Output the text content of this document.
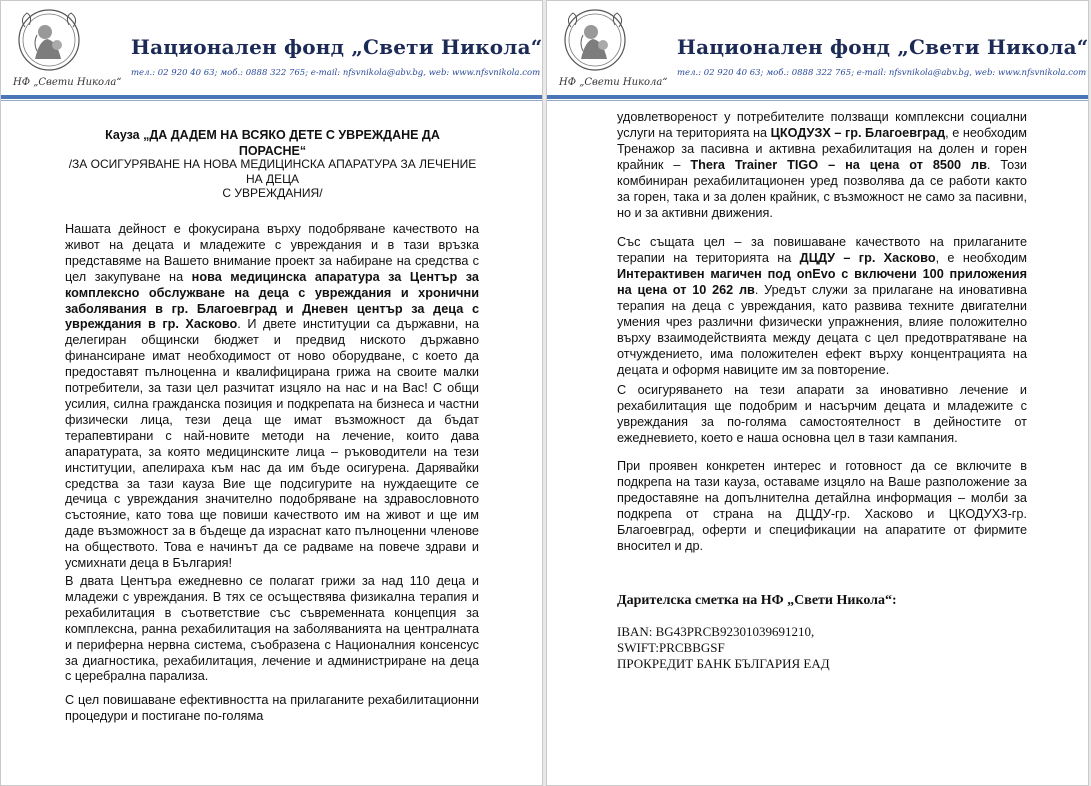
НФ „Свети Никола“
Национален фонд „Свети Никола“
тел.: 02 920 40 63; моб.: 0888 322 765; e-mail: nfsvnikola@abv.bg, web: www.nfsvnikola.com
Кауза „ДА ДАДЕМ НА ВСЯКО ДЕТЕ С УВРЕЖДАНЕ ДА
ПОРАСНЕ“
/ЗА ОСИГУРЯВАНЕ НА НОВА МЕДИЦИНСКА АПАРАТУРА ЗА ЛЕЧЕНИЕ НА ДЕЦА
С УВРЕЖДАНИЯ/

Нашата дейност е фокусирана върху подобряване качеството на живот на децата и младежите с увреждания и в тази връзка представяме на Вашето внимание проект за набиране на средства с цел закупуване на нова медицинска апаратура за Център за комплексно обслужване на деца с увреждания и хронични заболявания в гр. Благоевград и Дневен център за деца с увреждания в гр. Хасково. И двете институции са държавни, на делегиран общински бюджет и предвид ниското държавно финансиране имат необходимост от ново оборудване, с което да предоставят пълноценна и квалифицирана грижа на своите малки потребители, за тази цел разчитат изцяло на нас и на Вас! С общи усилия, силна гражданска позиция и подкрепата на бизнеса и частни физически лица, тези деца ще имат възможност да бъдат терапевтирани с най-новите методи на лечение, които дава апаратурата, за която медицинските лица – ръководители на тези институции, апелираха към нас да им бъде осигурена. Дарявайки средства за тази кауза Вие ще подсигурите на нуждаещите се дечица с увреждания значително подобряване на здравословното състояние, като това ще повиши качеството им на живот и ще им даде възможност за в бъдеще да израснат като пълноценни членове на обществото. Това е начинът да се радваме на повече здрави и усмихнати деца в България!

В двата Центъра ежедневно се полагат грижи за над 110 деца и младежи с увреждания. В тях се осъществява физикална терапия и рехабилитация в съответствие със съвременната концепция за комплексна, ранна рехабилитация на заболяванията на централната и периферна нервна система, съобразена с Националния консенсус за диагностика, рехабилитация, лечение и администриране на деца с церебрална парализа.

С цел повишаване ефективността на прилаганите рехабилитационни процедури и постигане по-голяма

НФ „Свети Никола“
Национален фонд „Свети Никола“
тел.: 02 920 40 63; моб.: 0888 322 765; e-mail: nfsvnikola@abv.bg, web: www.nfsvnikola.com

удовлетвореност у потребителите ползващи комплексни социални услуги на територията на ЦКОДУЗХ – гр. Благоевград, е необходим Тренажор за пасивна и активна рехабилитация на долен и горен крайник – Thera Trainer TIGO – на цена от 8500 лв. Този комбиниран рехабилитационен уред позволява да се работи както за горен, така и за долен крайник, с възможност не само за пасивни, но и за активни движения.

Със същата цел – за повишаване качеството на прилаганите терапии на територията на ДЦДУ – гр. Хасково, е необходим Интерактивен магичен под onEvo с включени 100 приложения на цена от 10 262 лв. Уредът служи за прилагане на иновативна терапия на деца с увреждания, като развива техните двигателни умения чрез различни физически упражнения, влияе положително върху взаимодействията между децата с цел предотвратяване на отчуждението, има положителен ефект върху концентрацията на децата и оформя навиците им за повторение.

С осигуряването на тези апарати за иновативно лечение и рехабилитация ще подобрим и насърчим децата и младежите с увреждания за по-голяма самостоятелност в дейностите от ежедневието, което е наша основна цел в тази кампания.

При проявен конкретен интерес и готовност да се включите в подкрепа на тази кауза, оставаме изцяло на Ваше разположение за предоставяне на допълнителна детайлна информация – молби за подкрепа от страна на ДЦДУ-гр. Хасково и ЦКОДУХЗ-гр. Благоевград, оферти и спецификации на апаратите от фирмите вносител и др.

Дарителска сметка на НФ „Свети Никола“:

IBAN: BG43PRCB92301039691210,
SWIFT:PRCBBGSF
ПРОКРЕДИТ БАНК БЪЛГАРИЯ ЕАД
